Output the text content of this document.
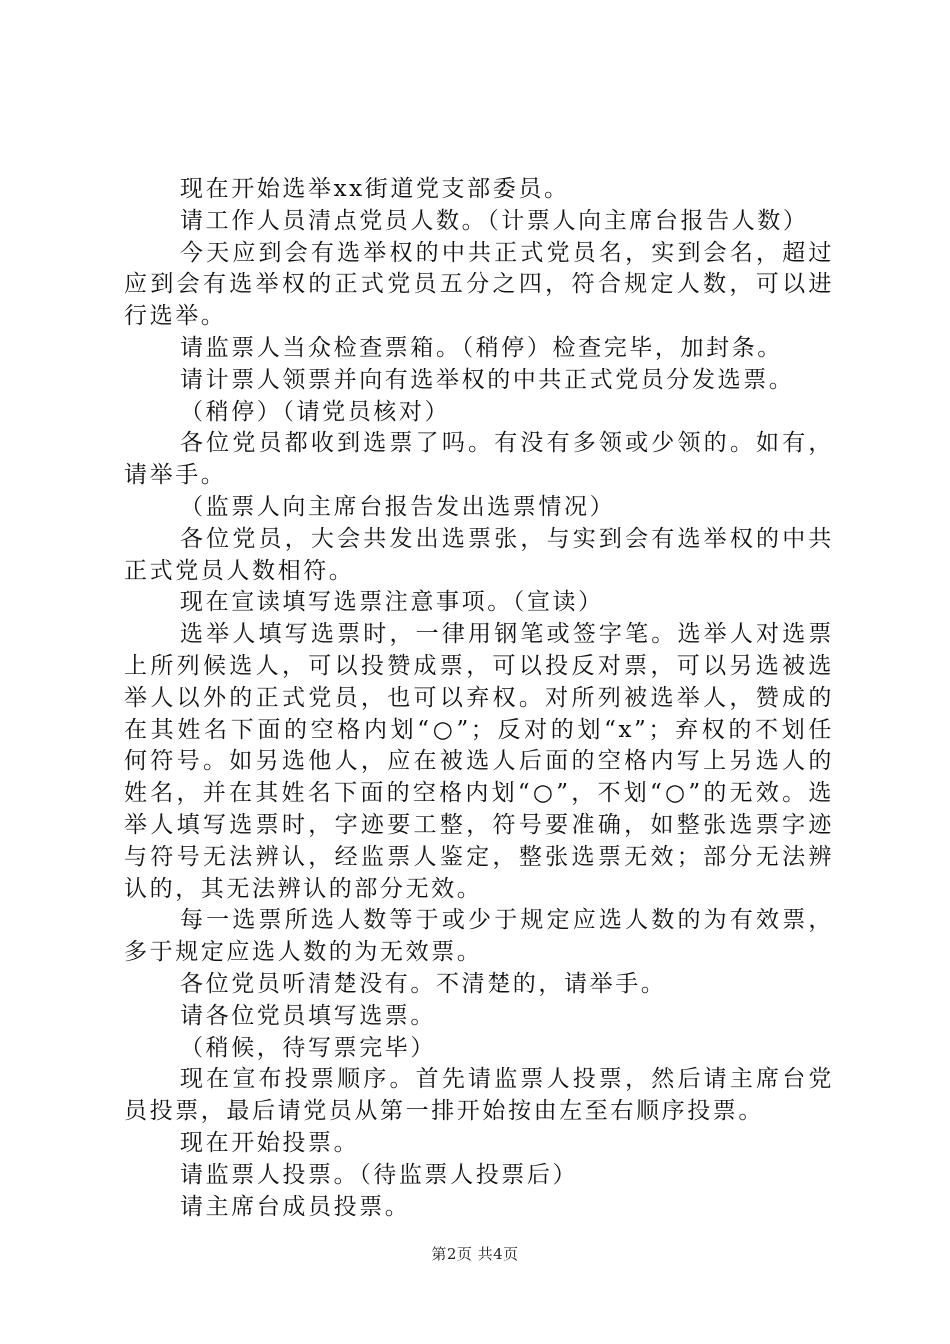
现在开始选举xx街道党支部委员。

请工作人员清点党员人数。（计票人向主席台报告人数）

今天应到会有选举权的中共正式党员名，实到会名，超过应到会有选举权的正式党员五分之四，符合规定人数，可以进行选举。

请监票人当众检查票箱。（稍停）检查完毕，加封条。

请计票人领票并向有选举权的中共正式党员分发选票。

（稍停）（请党员核对）

各位党员都收到选票了吗。有没有多领或少领的。如有，请举手。

（监票人向主席台报告发出选票情况）

各位党员，大会共发出选票张，与实到会有选举权的中共正式党员人数相符。

现在宣读填写选票注意事项。（宣读）

选举人填写选票时，一律用钢笔或签字笔。选举人对选票上所列候选人，可以投赞成票，可以投反对票，可以另选被选举人以外的正式党员，也可以弃权。对所列被选举人，赞成的在其姓名下面的空格内划“○”；反对的划“x”；弃权的不划任何符号。如另选他人，应在被选人后面的空格内写上另选人的姓名，并在其姓名下面的空格内划“○”，不划“○”的无效。选举人填写选票时，字迹要工整，符号要准确，如整张选票字迹与符号无法辨认，经监票人鉴定，整张选票无效；部分无法辨认的，其无法辨认的部分无效。

每一选票所选人数等于或少于规定应选人数的为有效票，多于规定应选人数的为无效票。

各位党员听清楚没有。不清楚的，请举手。

请各位党员填写选票。

（稍候，待写票完毕）

现在宣布投票顺序。首先请监票人投票，然后请主席台党员投票，最后请党员从第一排开始按由左至右顺序投票。

现在开始投票。

请监票人投票。（待监票人投票后）

请主席台成员投票。

第2页 共4页
